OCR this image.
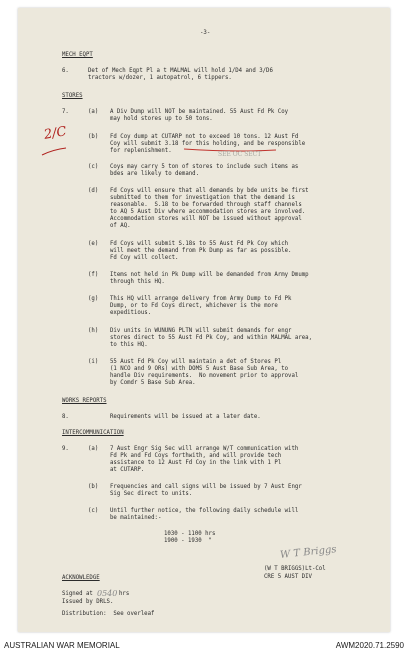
-3-
MECH EQPT
6.	Det of Mech Eqpt Pl a t MALMAL will hold 1/D4 and 3/D6
tractors w/dozer, 1 autopatrol, 6 tippers.
STORES
7.	(a) A Div Dump will NOT be maintained. 55 Aust Fd Pk Coy
may hold stores up to 50 tons.
(b) Fd Coy dump at CUTARP not to exceed 10 tons. 12 Aust Fd
Coy will submit 3.18 for this holding, and be responsible
for replenishment.
(c) Coys may carry 5 ton of stores to include such items as
bdes are likely to demand.
(d) Fd Coys will ensure that all demands by bde units be first
submitted to them for investigation that the demand is
reasonable.  S.18 to be forwarded through staff channels
to AQ 5 Aust Div where accommodation stores are involved.
Accommodation stores will NOT be issued without approval
of AQ.
(e) Fd Coys will submit S.18s to 55 Aust Fd Pk Coy which
will meet the demand from Pk Dump as far as possible.
Fd Coy will collect.
(f) Items not held in Pk Dump will be demanded from Army Dmump
through this HQ.
(g) This HQ will arrange delivery from Army Dump to Fd Pk
Dump, or to Fd Coys direct, whichever is the more
expeditious.
(h) Div units in WUNUNG PLTN will submit demands for engr
stores direct to 55 Aust Fd Pk Coy, and within MALMAL area,
to this HQ.
(i) 55 Aust Fd Pk Coy will maintain a det of Stores Pl
(1 NCO and 9 ORs) with DOMS 5 Aust Base Sub Area, to
handle Div requirements.  No movement prior to approval
by Comdr 5 Base Sub Area.
WORKS REPORTS
8.	Requirements will be issued at a later date.
INTERCOMMUNICATION
9.	(a) 7 Aust Engr Sig Sec will arrange W/T communication with
Fd Pk and Fd Coys forthwith, and will provide tech
assistance to 12 Aust Fd Coy in the link with 1 Pl
at CUTARP.
(b) Frequencies and call signs will be issued by 7 Aust Engr
Sig Sec direct to units.
(c) Until further notice, the following daily schedule will
be maintained:-
1030 - 1100 hrs
1900 - 1930  "
W T Briggs
(W T BRIGGS)Lt-Col
CRE 5 AUST DIV
ACKNOWLEDGE
Signed at 0540 hrs
Issued by DRLS.
Distribution:  See overleaf
2/C
SEE OC SECT
AUSTRALIAN WAR MEMORIAL	AWM2020.71.2590
